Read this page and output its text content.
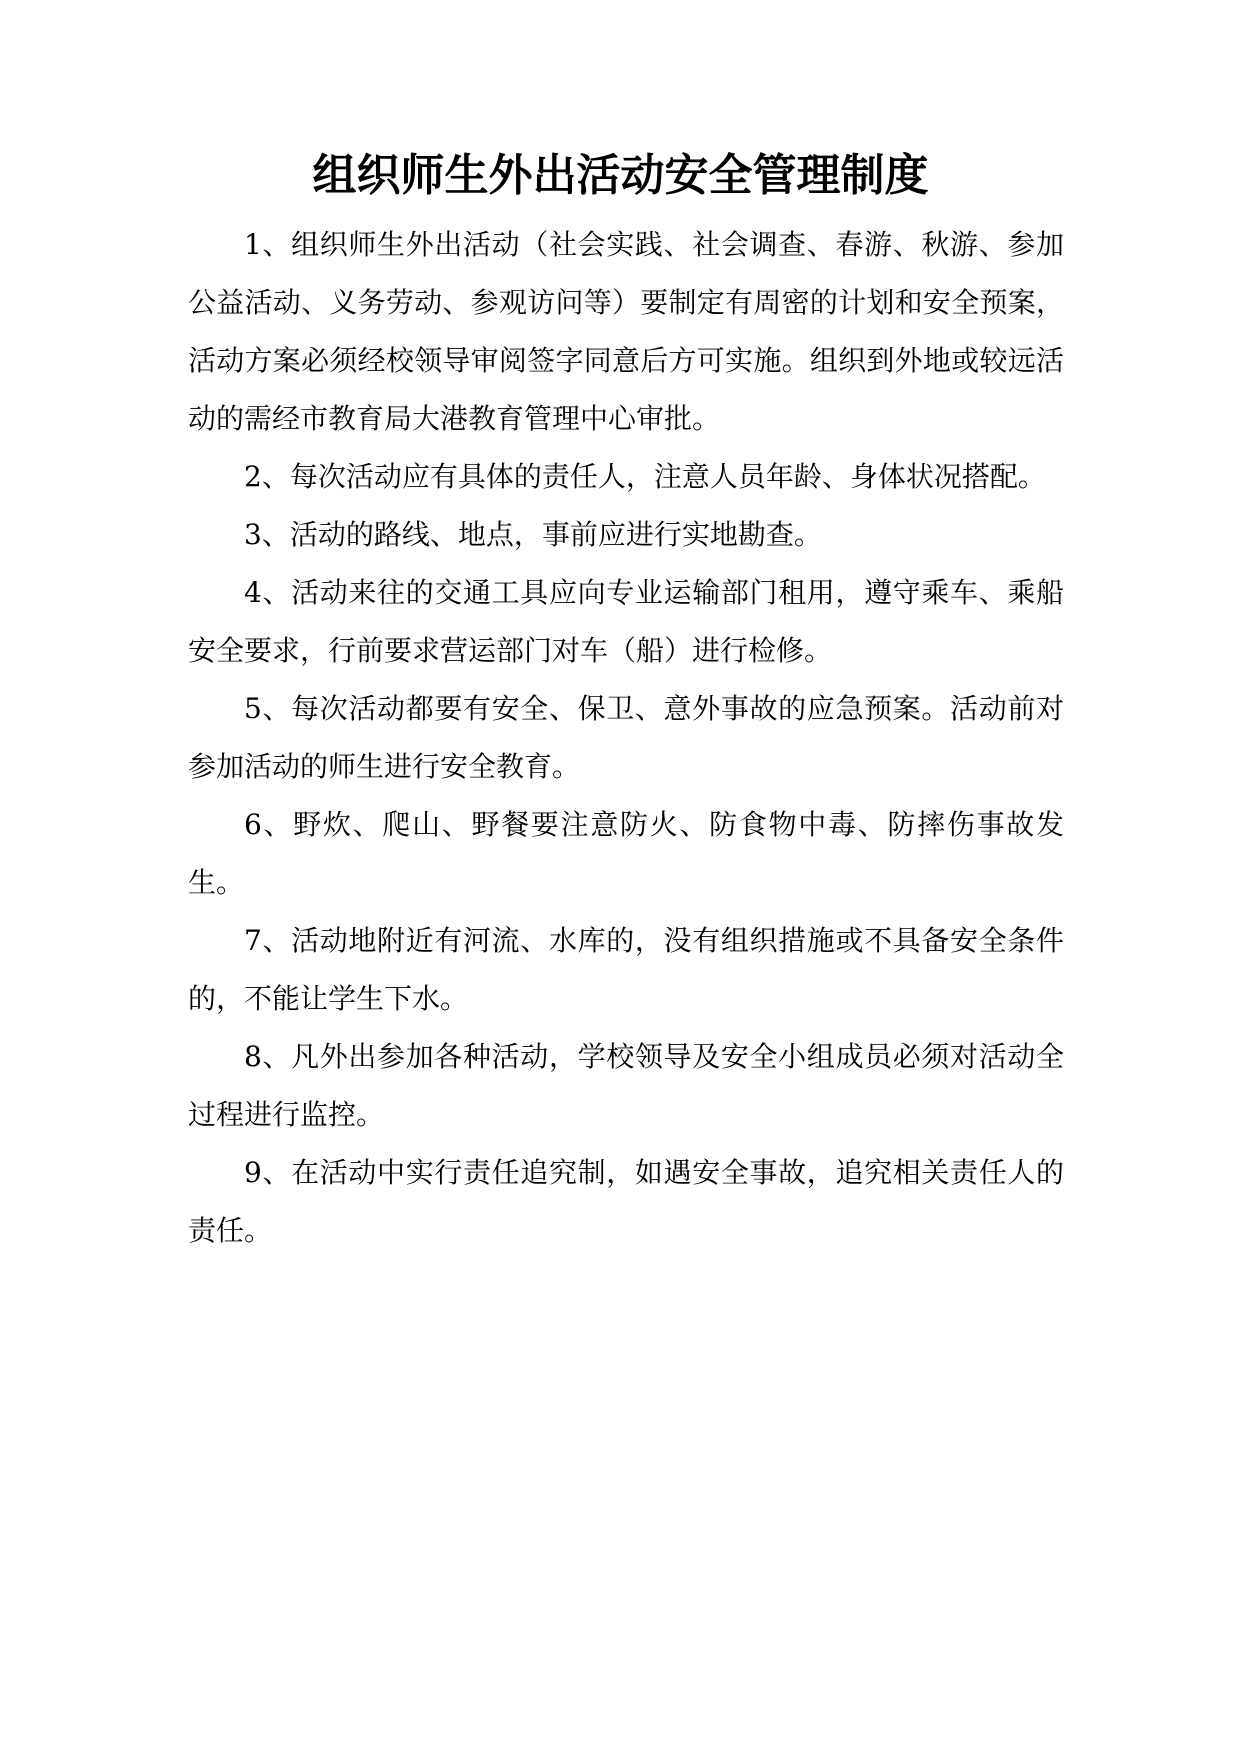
组织师生外出活动安全管理制度

1、组织师生外出活动（社会实践、社会调查、春游、秋游、参加公益活动、义务劳动、参观访问等）要制定有周密的计划和安全预案，活动方案必须经校领导审阅签字同意后方可实施。组织到外地或较远活动的需经市教育局大港教育管理中心审批。

2、每次活动应有具体的责任人，注意人员年龄、身体状况搭配。

3、活动的路线、地点，事前应进行实地勘查。

4、活动来往的交通工具应向专业运输部门租用，遵守乘车、乘船安全要求，行前要求营运部门对车（船）进行检修。

5、每次活动都要有安全、保卫、意外事故的应急预案。活动前对参加活动的师生进行安全教育。

6、野炊、爬山、野餐要注意防火、防食物中毒、防摔伤事故发生。

7、活动地附近有河流、水库的，没有组织措施或不具备安全条件的，不能让学生下水。

8、凡外出参加各种活动，学校领导及安全小组成员必须对活动全过程进行监控。

9、在活动中实行责任追究制，如遇安全事故，追究相关责任人的责任。
